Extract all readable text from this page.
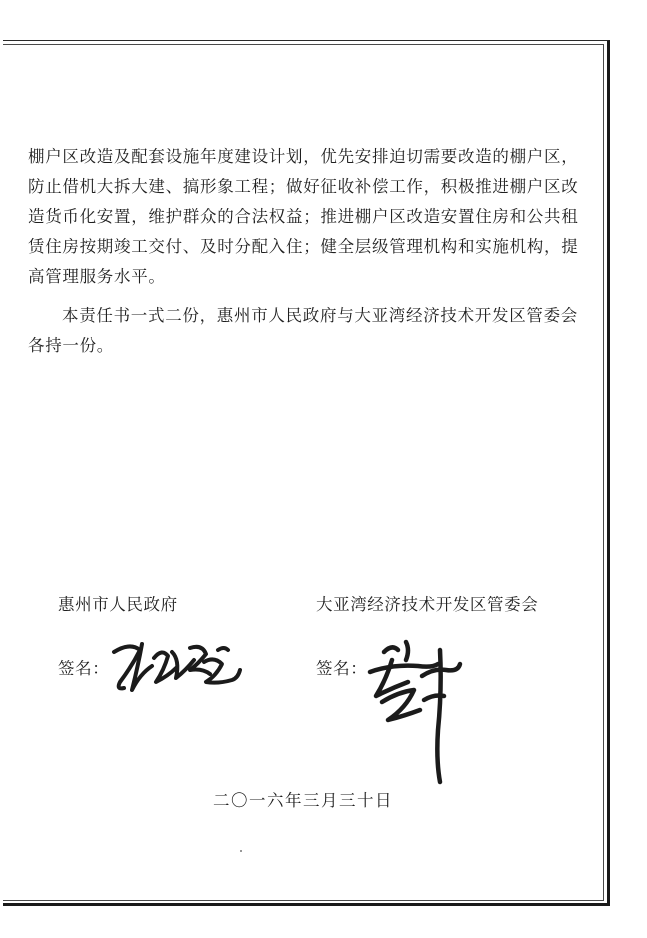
棚户区改造及配套设施年度建设计划，优先安排迫切需要改造的棚户区，防止借机大拆大建、搞形象工程；做好征收补偿工作，积极推进棚户区改造货币化安置，维护群众的合法权益；推进棚户区改造安置住房和公共租赁住房按期竣工交付、及时分配入住；健全层级管理机构和实施机构，提高管理服务水平。

本责任书一式二份，惠州市人民政府与大亚湾经济技术开发区管委会各持一份。

惠州市人民政府	大亚湾经济技术开发区管委会
签名：	签名：
二〇一六年三月三十日
